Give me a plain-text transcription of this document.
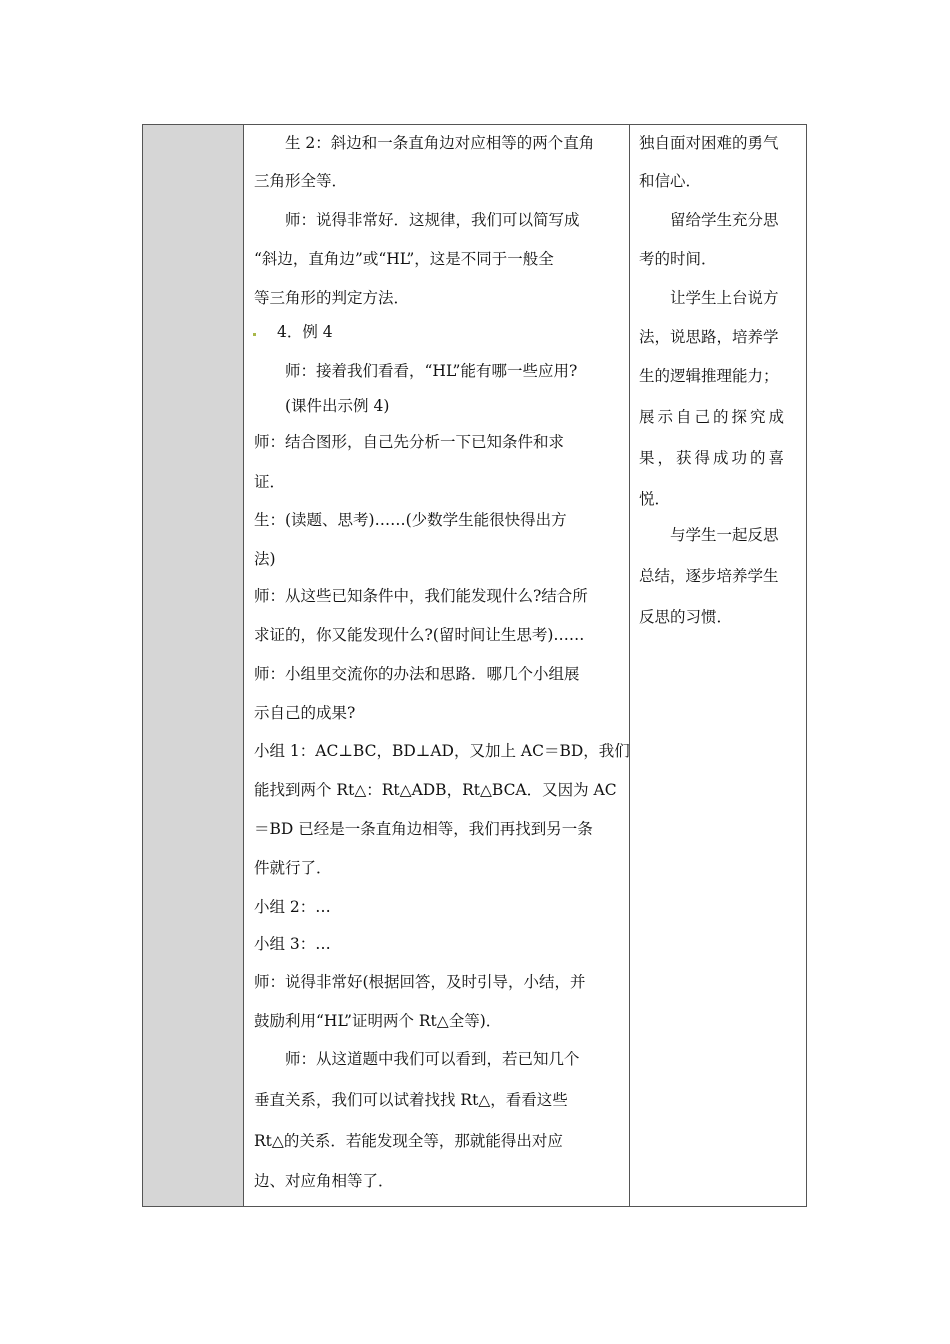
生 2：斜边和一条直角边对应相等的两个直角
三角形全等．
师：说得非常好．这规律，我们可以简写成
“斜边，直角边”或“HL”，这是不同于一般全
等三角形的判定方法．
4．例 4
师：接着我们看看，“HL”能有哪一些应用?
(课件出示例 4)
师：结合图形，自己先分析一下已知条件和求
证．
生：(读题、思考)……(少数学生能很快得出方
法)
师：从这些已知条件中，我们能发现什么?结合所
求证的，你又能发现什么?(留时间让生思考)……
师：小组里交流你的办法和思路．哪几个小组展
示自己的成果?
小组 1：AC⊥BC，BD⊥AD，又加上 AC＝BD，我们
能找到两个 Rt△：Rt△ADB，Rt△BCA．又因为 AC
＝BD 已经是一条直角边相等，我们再找到另一条
件就行了．
小组 2：…
小组 3：…
师：说得非常好(根据回答，及时引导，小结，并
鼓励利用“HL”证明两个 Rt△全等)．
师：从这道题中我们可以看到，若已知几个
垂直关系，我们可以试着找找 Rt△，看看这些
Rt△的关系．若能发现全等，那就能得出对应
边、对应角相等了．
独自面对困难的勇气
和信心．
留给学生充分思
考的时间．
让学生上台说方
法，说思路，培养学
生的逻辑推理能力；
展示自己的探究成
果，获得成功的喜
悦．
与学生一起反思
总结，逐步培养学生
反思的习惯．
